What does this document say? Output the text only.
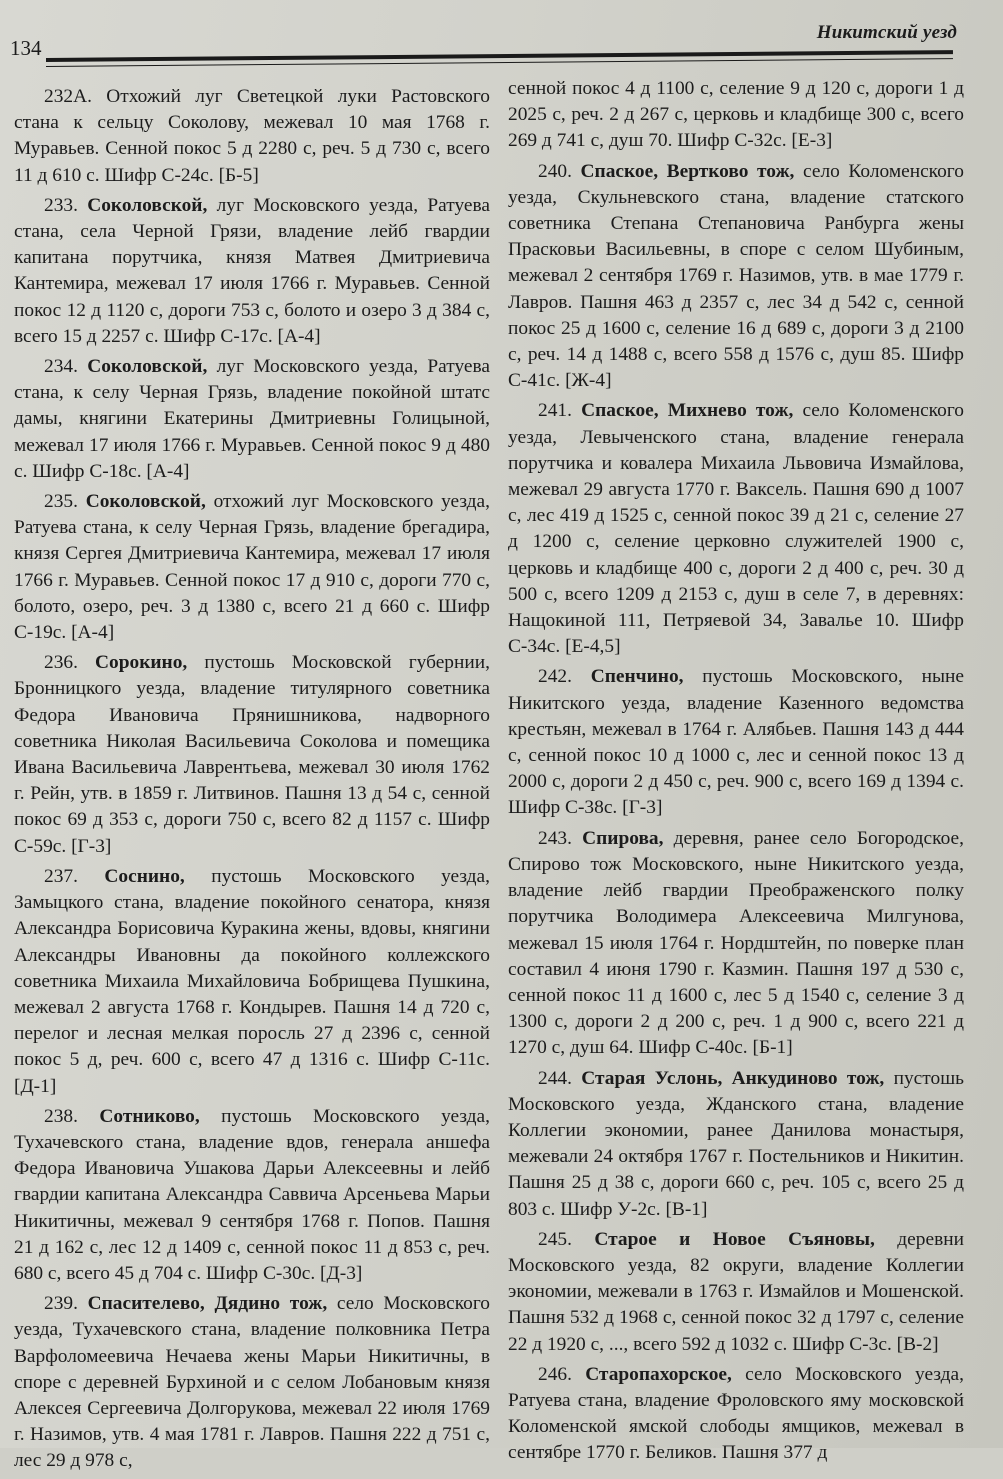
134
Никитский уезд

232А. Отхожий луг Светецкой луки Растовского стана к сельцу Соколову, межевал 10 мая 1768 г. Муравьев. Сенной покос 5 д 2280 с, реч. 5 д 730 с, всего 11 д 610 с. Шифр С-24с. [Б-5]

233. Соколовской, луг Московского уезда, Ратуева стана, села Черной Грязи, владение лейб гвардии капитана порутчика, князя Матвея Дмитриевича Кантемира, межевал 17 июля 1766 г. Муравьев. Сенной покос 12 д 1120 с, дороги 753 с, болото и озеро 3 д 384 с, всего 15 д 2257 с. Шифр С-17с. [А-4]

234. Соколовской, луг Московского уезда, Ратуева стана, к селу Черная Грязь, владение покойной штатс дамы, княгини Екатерины Дмитриевны Голицыной, межевал 17 июля 1766 г. Муравьев. Сенной покос 9 д 480 с. Шифр С-18с. [А-4]

235. Соколовской, отхожий луг Московского уезда, Ратуева стана, к селу Черная Грязь, владение брегадира, князя Сергея Дмитриевича Кантемира, межевал 17 июля 1766 г. Муравьев. Сенной покос 17 д 910 с, дороги 770 с, болото, озеро, реч. 3 д 1380 с, всего 21 д 660 с. Шифр С-19с. [А-4]

236. Сорокино, пустошь Московской губернии, Бронницкого уезда, владение титулярного советника Федора Ивановича Прянишникова, надворного советника Николая Васильевича Соколова и помещика Ивана Васильевича Лаврентьева, межевал 30 июля 1762 г. Рейн, утв. в 1859 г. Литвинов. Пашня 13 д 54 с, сенной покос 69 д 353 с, дороги 750 с, всего 82 д 1157 с. Шифр С-59с. [Г-3]

237. Соснино, пустошь Московского уезда, Замыцкого стана, владение покойного сенатора, князя Александра Борисовича Куракина жены, вдовы, княгини Александры Ивановны да покойного коллежского советника Михаила Михайловича Бобрищева Пушкина, межевал 2 августа 1768 г. Кондырев. Пашня 14 д 720 с, перелог и лесная мелкая поросль 27 д 2396 с, сенной покос 5 д, реч. 600 с, всего 47 д 1316 с. Шифр С-11с. [Д-1]

238. Сотниково, пустошь Московского уезда, Тухачевского стана, владение вдов, генерала аншефа Федора Ивановича Ушакова Дарьи Алексеевны и лейб гвардии капитана Александра Саввича Арсеньева Марьи Никитичны, межевал 9 сентября 1768 г. Попов. Пашня 21 д 162 с, лес 12 д 1409 с, сенной покос 11 д 853 с, реч. 680 с, всего 45 д 704 с. Шифр С-30с. [Д-3]

239. Спасителево, Дядино тож, село Московского уезда, Тухачевского стана, владение полковника Петра Варфоломеевича Нечаева жены Марьи Никитичны, в споре с деревней Бурхиной и с селом Лобановым князя Алексея Сергеевича Долгорукова, межевал 22 июля 1769 г. Назимов, утв. 4 мая 1781 г. Лавров. Пашня 222 д 751 с, лес 29 д 978 с,

сенной покос 4 д 1100 с, селение 9 д 120 с, дороги 1 д 2025 с, реч. 2 д 267 с, церковь и кладбище 300 с, всего 269 д 741 с, душ 70. Шифр С-32с. [Е-3]

240. Спаское, Вертково тож, село Коломенского уезда, Скульневского стана, владение статского советника Степана Степановича Ранбурга жены Прасковьи Васильевны, в споре с селом Шубиным, межевал 2 сентября 1769 г. Назимов, утв. в мае 1779 г. Лавров. Пашня 463 д 2357 с, лес 34 д 542 с, сенной покос 25 д 1600 с, селение 16 д 689 с, дороги 3 д 2100 с, реч. 14 д 1488 с, всего 558 д 1576 с, душ 85. Шифр С-41с. [Ж-4]

241. Спаское, Михнево тож, село Коломенского уезда, Левыченского стана, владение генерала порутчика и ковалера Михаила Львовича Измайлова, межевал 29 августа 1770 г. Ваксель. Пашня 690 д 1007 с, лес 419 д 1525 с, сенной покос 39 д 21 с, селение 27 д 1200 с, селение церковно служителей 1900 с, церковь и кладбище 400 с, дороги 2 д 400 с, реч. 30 д 500 с, всего 1209 д 2153 с, душ в селе 7, в деревнях: Нащокиной 111, Петряевой 34, Завалье 10. Шифр С-34с. [Е-4,5]

242. Спенчино, пустошь Московского, ныне Никитского уезда, владение Казенного ведомства крестьян, межевал в 1764 г. Алябьев. Пашня 143 д 444 с, сенной покос 10 д 1000 с, лес и сенной покос 13 д 2000 с, дороги 2 д 450 с, реч. 900 с, всего 169 д 1394 с. Шифр С-38с. [Г-3]

243. Спирова, деревня, ранее село Богородское, Спирово тож Московского, ныне Никитского уезда, владение лейб гвардии Преображенского полку порутчика Володимера Алексеевича Милгунова, межевал 15 июля 1764 г. Нордштейн, по поверке план составил 4 июня 1790 г. Казмин. Пашня 197 д 530 с, сенной покос 11 д 1600 с, лес 5 д 1540 с, селение 3 д 1300 с, дороги 2 д 200 с, реч. 1 д 900 с, всего 221 д 1270 с, душ 64. Шифр С-40с. [Б-1]

244. Старая Услонь, Анкудиново тож, пустошь Московского уезда, Жданского стана, владение Коллегии экономии, ранее Данилова монастыря, межевали 24 октября 1767 г. Постельников и Никитин. Пашня 25 д 38 с, дороги 660 с, реч. 105 с, всего 25 д 803 с. Шифр У-2с. [В-1]

245. Старое и Новое Съяновы, деревни Московского уезда, 82 округи, владение Коллегии экономии, межевали в 1763 г. Измайлов и Мошенской. Пашня 532 д 1968 с, сенной покос 32 д 1797 с, селение 22 д 1920 с, ..., всего 592 д 1032 с. Шифр С-3с. [В-2]

246. Старопахорское, село Московского уезда, Ратуева стана, владение Фроловского яму московской Коломенской ямской слободы ямщиков, межевал в сентябре 1770 г. Беликов. Пашня 377 д
